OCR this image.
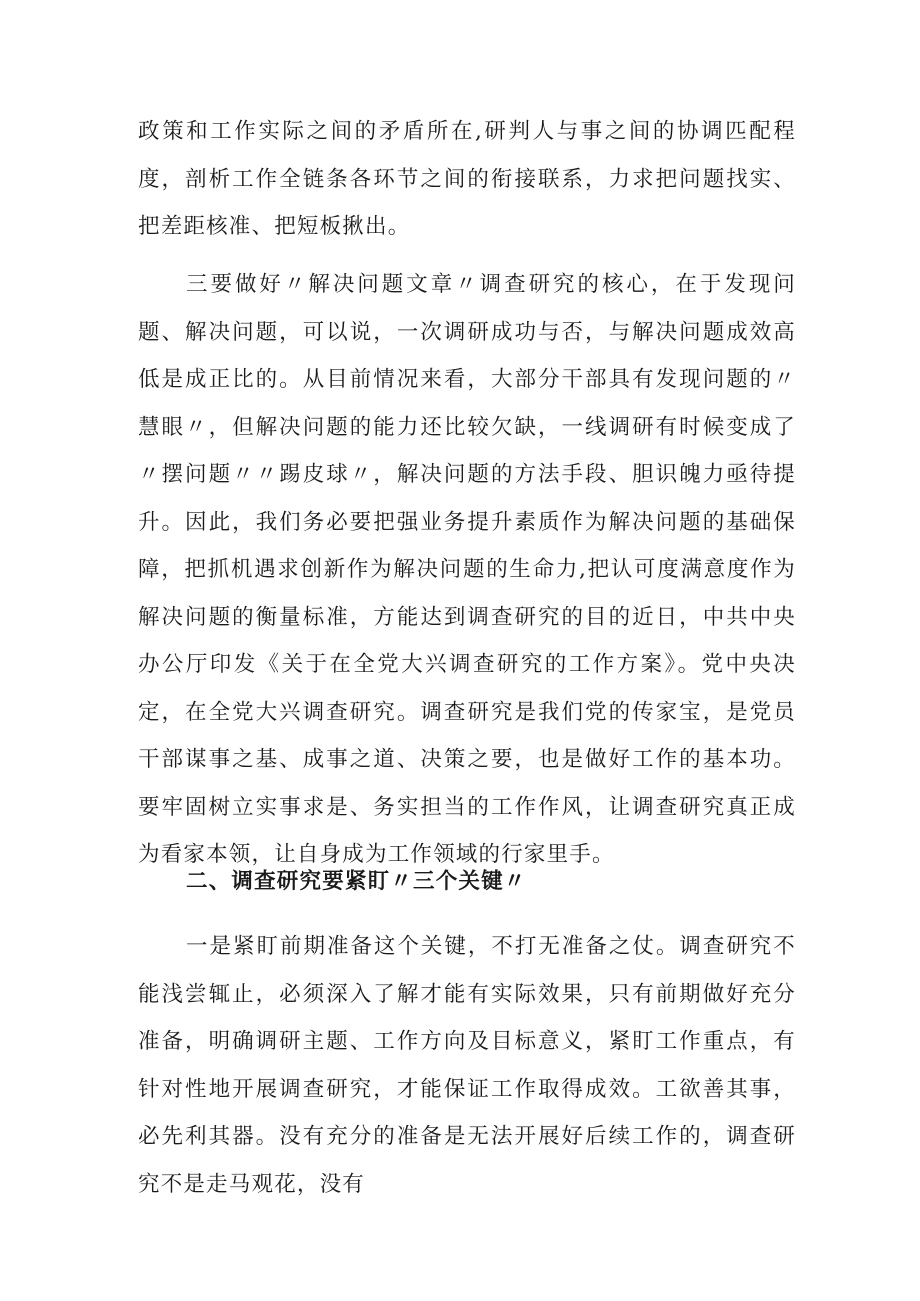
政策和工作实际之间的矛盾所在,研判人与事之间的协调匹配程度，剖析工作全链条各环节之间的衔接联系，力求把问题找实、把差距核准、把短板揪出。

三要做好〃解决问题文章〃调查研究的核心，在于发现问题、解决问题，可以说，一次调研成功与否，与解决问题成效高低是成正比的。从目前情况来看，大部分干部具有发现问题的〃慧眼〃，但解决问题的能力还比较欠缺，一线调研有时候变成了〃摆问题〃〃踢皮球〃，解决问题的方法手段、胆识魄力亟待提升。因此，我们务必要把强业务提升素质作为解决问题的基础保障，把抓机遇求创新作为解决问题的生命力,把认可度满意度作为解决问题的衡量标准，方能达到调查研究的目的近日，中共中央办公厅印发《关于在全党大兴调查研究的工作方案》。党中央决定，在全党大兴调查研究。调查研究是我们党的传家宝，是党员干部谋事之基、成事之道、决策之要，也是做好工作的基本功。要牢固树立实事求是、务实担当的工作作风，让调查研究真正成为看家本领，让自身成为工作领域的行家里手。

二、调查研究要紧盯〃三个关键〃

一是紧盯前期准备这个关键，不打无准备之仗。调查研究不能浅尝辄止，必须深入了解才能有实际效果，只有前期做好充分准备，明确调研主题、工作方向及目标意义，紧盯工作重点，有针对性地开展调查研究，才能保证工作取得成效。工欲善其事，必先利其器。没有充分的准备是无法开展好后续工作的，调查研究不是走马观花，没有
